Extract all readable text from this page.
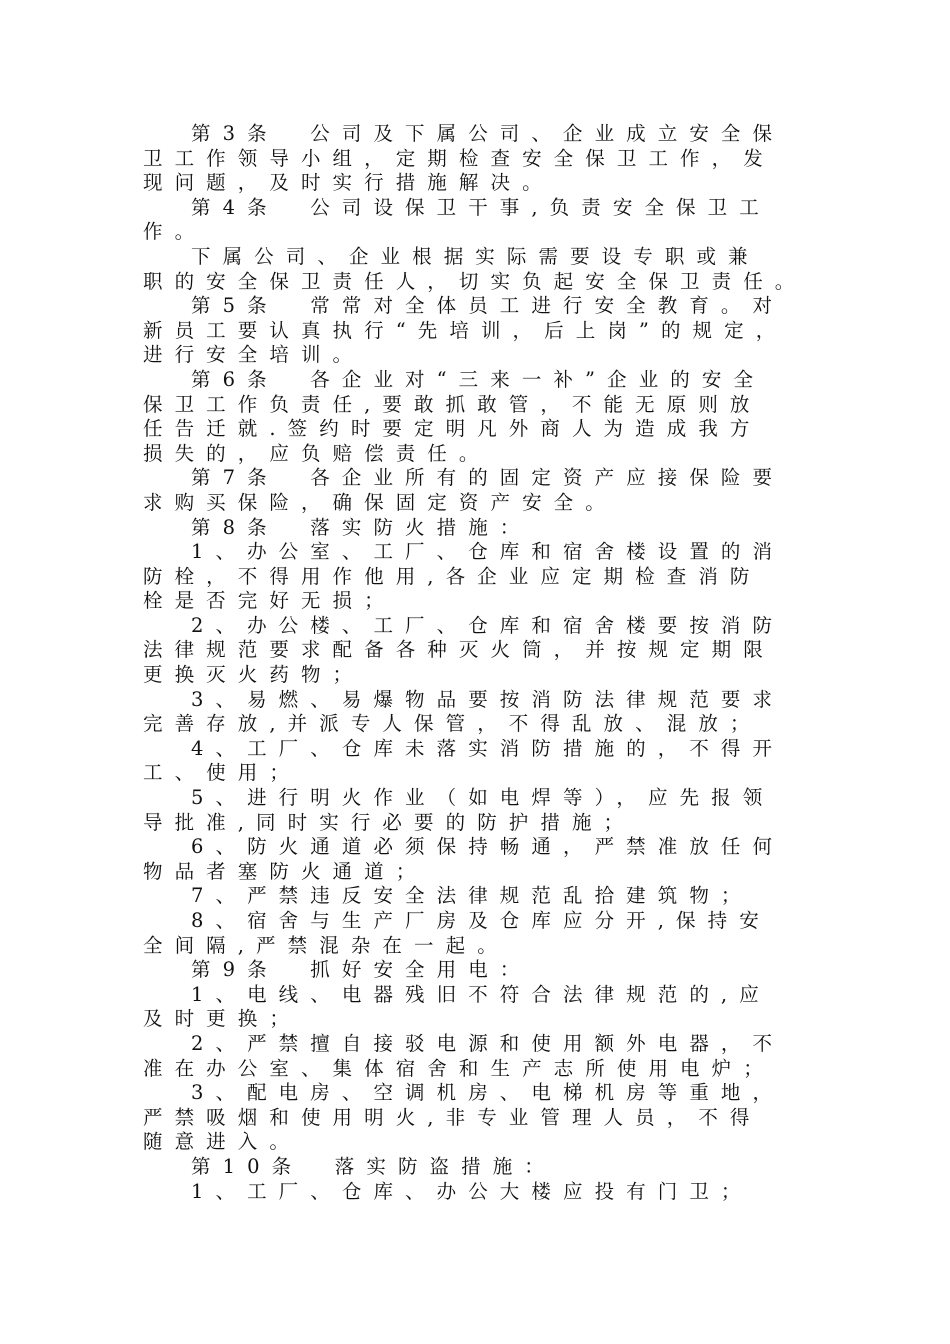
第3条　公司及下属公司、企业成立安全保
卫工作领导小组，定期检查安全保卫工作，发
现问题，及时实行措施解决。
第4条　公司设保卫干事,负责安全保卫工
作。
下属公司、企业根据实际需要设专职或兼
职的安全保卫责任人，切实负起安全保卫责任。
第5条　常常对全体员工进行安全教育。对
新员工要认真执行“先培训，后上岗”的规定，
进行安全培训。
第6条　各企业对“三来一补”企业的安全
保卫工作负责任,要敢抓敢管，不能无原则放
任告迁就.签约时要定明凡外商人为造成我方
损失的，应负赔偿责任。
第7条　各企业所有的固定资产应接保险要
求购买保险，确保固定资产安全。
第8条　落实防火措施：
1、办公室、工厂、仓库和宿舍楼设置的消
防栓，不得用作他用,各企业应定期检查消防
栓是否完好无损；
2、办公楼、工厂、仓库和宿舍楼要按消防
法律规范要求配备各种灭火筒，并按规定期限
更换灭火药物；
3、易燃、易爆物品要按消防法律规范要求
完善存放,并派专人保管，不得乱放、混放；
4、工厂、仓库未落实消防措施的，不得开
工、使用；
5、进行明火作业（如电焊等），应先报领
导批准,同时实行必要的防护措施；
6、防火通道必须保持畅通，严禁准放任何
物品者塞防火通道；
7、严禁违反安全法律规范乱拾建筑物；
8、宿舍与生产厂房及仓库应分开,保持安
全间隔,严禁混杂在一起。
第9条　抓好安全用电：
1、电线、电器残旧不符合法律规范的,应
及时更换；
2、严禁擅自接驳电源和使用额外电器，不
准在办公室、集体宿舍和生产志所使用电炉；
3、配电房、空调机房、电梯机房等重地，
严禁吸烟和使用明火,非专业管理人员，不得
随意进入。
第10条　落实防盗措施：
1、工厂、仓库、办公大楼应投有门卫；
